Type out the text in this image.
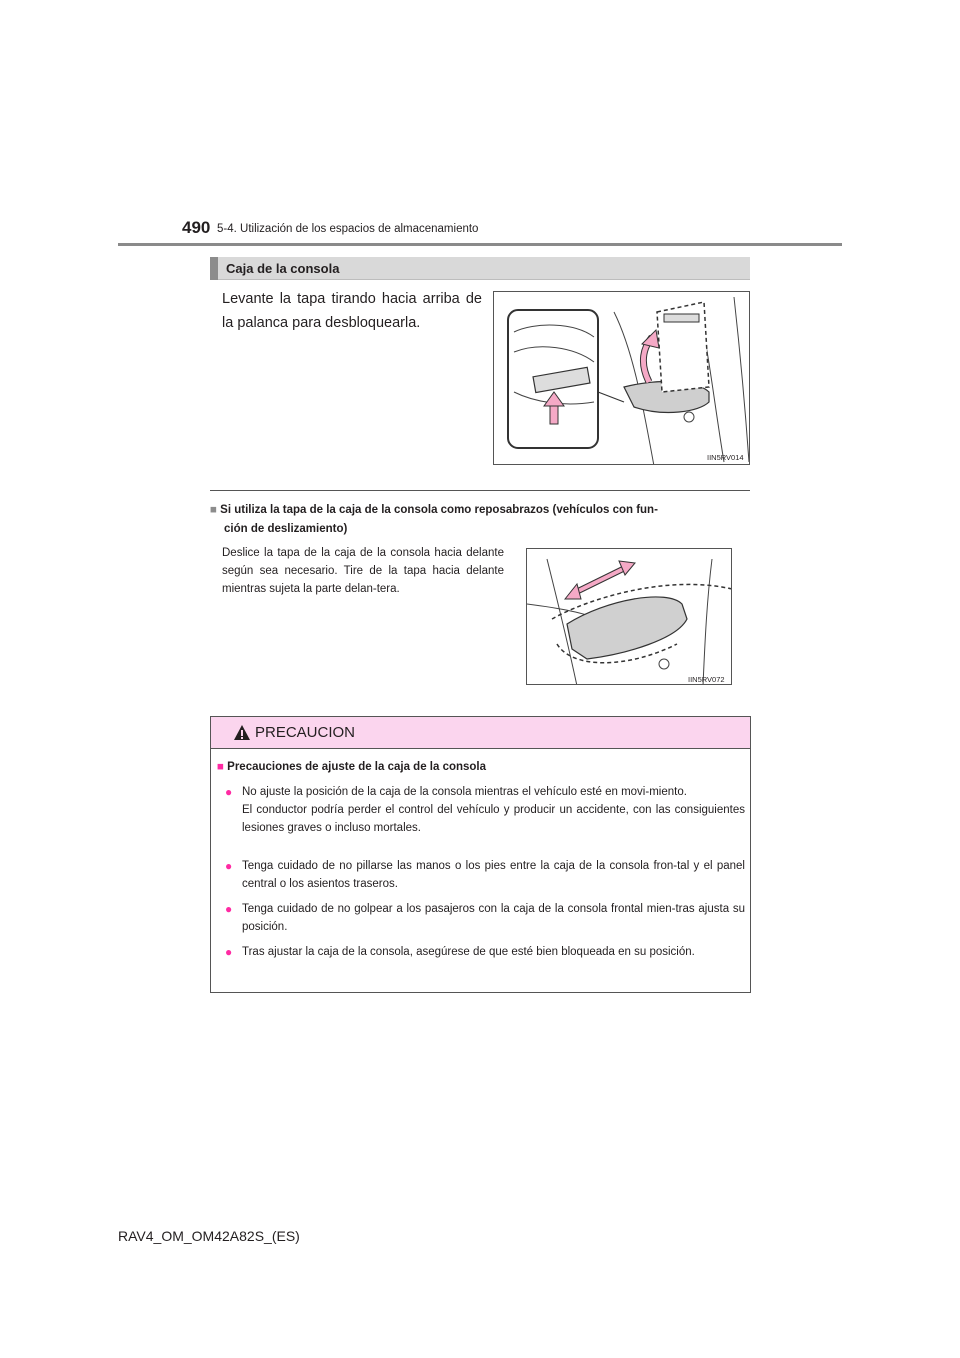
490 5-4. Utilización de los espacios de almacenamiento
Caja de la consola
Levante la tapa tirando hacia arriba de la palanca para desbloquearla.
IIN5RV014
■ Si utiliza la tapa de la caja de la consola como reposabrazos (vehículos con fun-
ción de deslizamiento)
Deslice la tapa de la caja de la consola hacia delante según sea necesario. Tire de la tapa hacia delante mientras sujeta la parte delan-tera.
IIN5RV072
PRECAUCION
■ Precauciones de ajuste de la caja de la consola
● No ajuste la posición de la caja de la consola mientras el vehículo esté en movi-miento.
El conductor podría perder el control del vehículo y producir un accidente, con las consiguientes lesiones graves o incluso mortales.
● Tenga cuidado de no pillarse las manos o los pies entre la caja de la consola fron-tal y el panel central o los asientos traseros.
● Tenga cuidado de no golpear a los pasajeros con la caja de la consola frontal mien-tras ajusta su posición.
● Tras ajustar la caja de la consola, asegúrese de que esté bien bloqueada en su posición.
RAV4_OM_OM42A82S_(ES)
